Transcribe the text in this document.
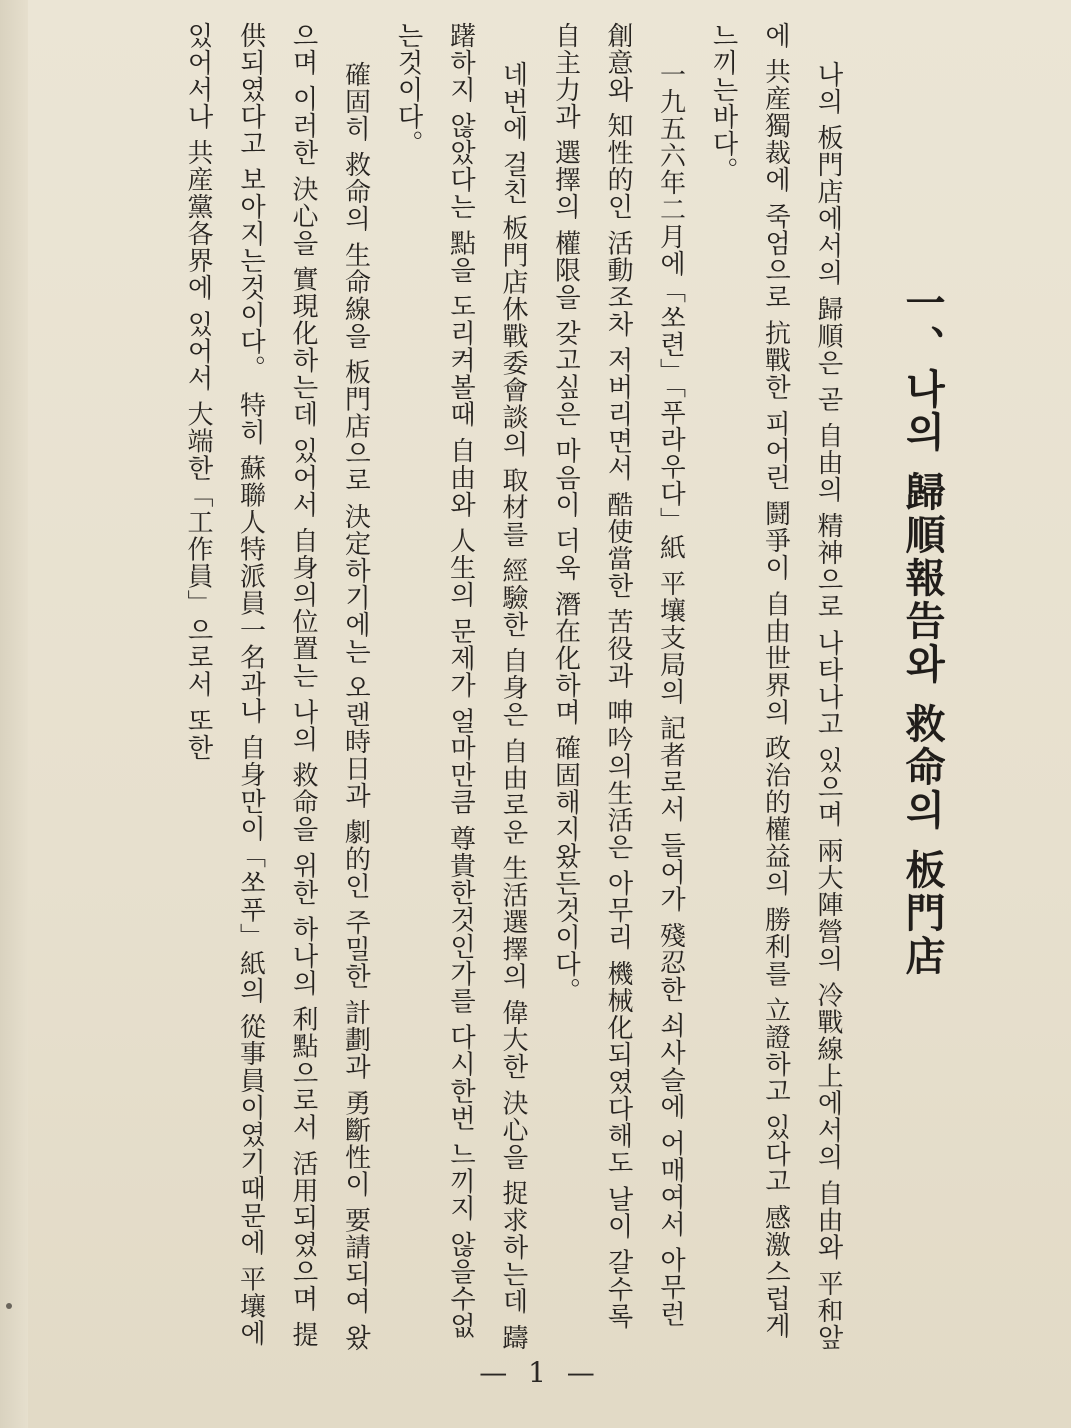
一、나의 歸順報告와 救命의 板門店

나의 板門店에서의 歸順은 곧 自由의 精神으로 나타나고 있으며 兩大陣營의 冷戰線上에서의 自由와 平和앞에 共産獨裁에 죽엄으로 抗戰한 피어린 鬪爭이 自由世界의 政治的權益의 勝利를 立證하고 있다고 感激스럽게 느끼는바다。

一九五六年二月에「쏘련」「푸라우다」紙 平壤支局의 記者로서 들어가 殘忍한 쇠사슬에 어매여서 아무런 創意와 知性的인 活動조차 저버리면서 酷使當한 苦役과 呻吟의生活은 아무리 機械化되였다해도 날이 갈수록 自主力과 選擇의 權限을 갖고싶은 마음이 더욱 潛在化하며 確固해지왔든것이다。

네번에 걸친 板門店休戰委會談의 取材를 經驗한 自身은 自由로운 生活選擇의 偉大한 決心을 捉求하는데 躊躇하지 않았다는 點을 도리켜볼때 自由와 人生의 문제가 얼마만큼 尊貴한것인가를 다시한번 느끼지 않을수없는것이다。

確固히 救命의 生命線을 板門店으로 決定하기에는 오랜時日과 劇的인 주밀한 計劃과 勇斷性이 要請되여 왔으며 이러한 決心을 實現化하는데 있어서 自身의位置는 나의 救命을 위한 하나의 利點으로서 活用되였으며 提供되였다고 보아지는것이다。 特히 蘇聯人特派員一名과나 自身만이「쏘푸」紙의 從事員이였기때문에 平壤에 있어서나 共産黨各界에 있어서 大端한「工作員」으로서 또한

— 1 —
